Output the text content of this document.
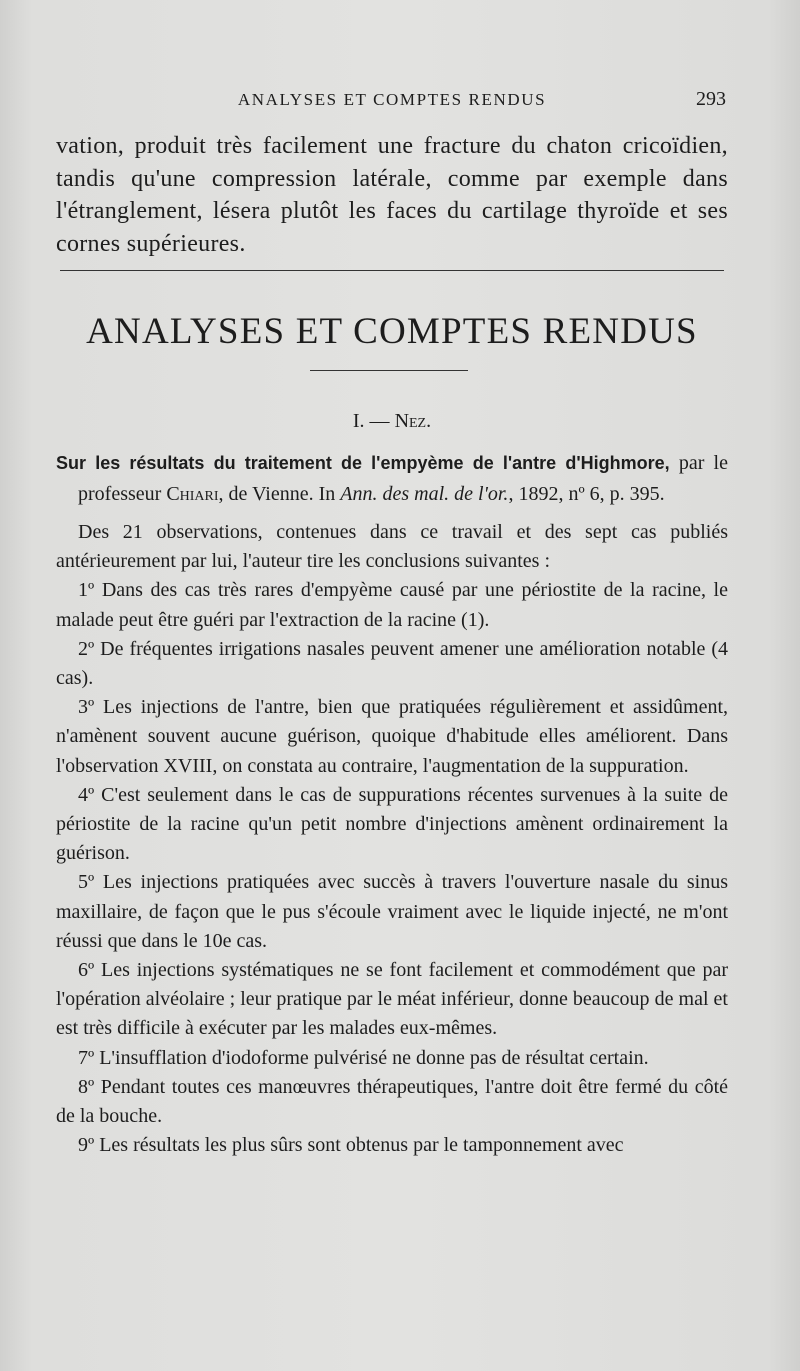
ANALYSES ET COMPTES RENDUS	293

vation, produit très facilement une fracture du chaton cricoïdien, tandis qu'une compression latérale, comme par exemple dans l'étranglement, lésera plutôt les faces du cartilage thyroïde et ses cornes supérieures.

ANALYSES ET COMPTES RENDUS
I. — Nez.

Sur les résultats du traitement de l'empyème de l'antre d'Highmore, par le professeur Chiari, de Vienne. In Ann. des mal. de l'or., 1892, nº 6, p. 395.

Des 21 observations, contenues dans ce travail et des sept cas publiés antérieurement par lui, l'auteur tire les conclusions suivantes :

1º Dans des cas très rares d'empyème causé par une périostite de la racine, le malade peut être guéri par l'extraction de la racine (1).

2º De fréquentes irrigations nasales peuvent amener une amélioration notable (4 cas).

3º Les injections de l'antre, bien que pratiquées régulièrement et assidûment, n'amènent souvent aucune guérison, quoique d'habitude elles améliorent. Dans l'observation XVIII, on constata au contraire, l'augmentation de la suppuration.

4º C'est seulement dans le cas de suppurations récentes survenues à la suite de périostite de la racine qu'un petit nombre d'injections amènent ordinairement la guérison.

5º Les injections pratiquées avec succès à travers l'ouverture nasale du sinus maxillaire, de façon que le pus s'écoule vraiment avec le liquide injecté, ne m'ont réussi que dans le 10e cas.

6º Les injections systématiques ne se font facilement et commodément que par l'opération alvéolaire ; leur pratique par le méat inférieur, donne beaucoup de mal et est très difficile à exécuter par les malades eux-mêmes.

7º L'insufflation d'iodoforme pulvérisé ne donne pas de résultat certain.

8º Pendant toutes ces manœuvres thérapeutiques, l'antre doit être fermé du côté de la bouche.

9º Les résultats les plus sûrs sont obtenus par le tamponnement avec
